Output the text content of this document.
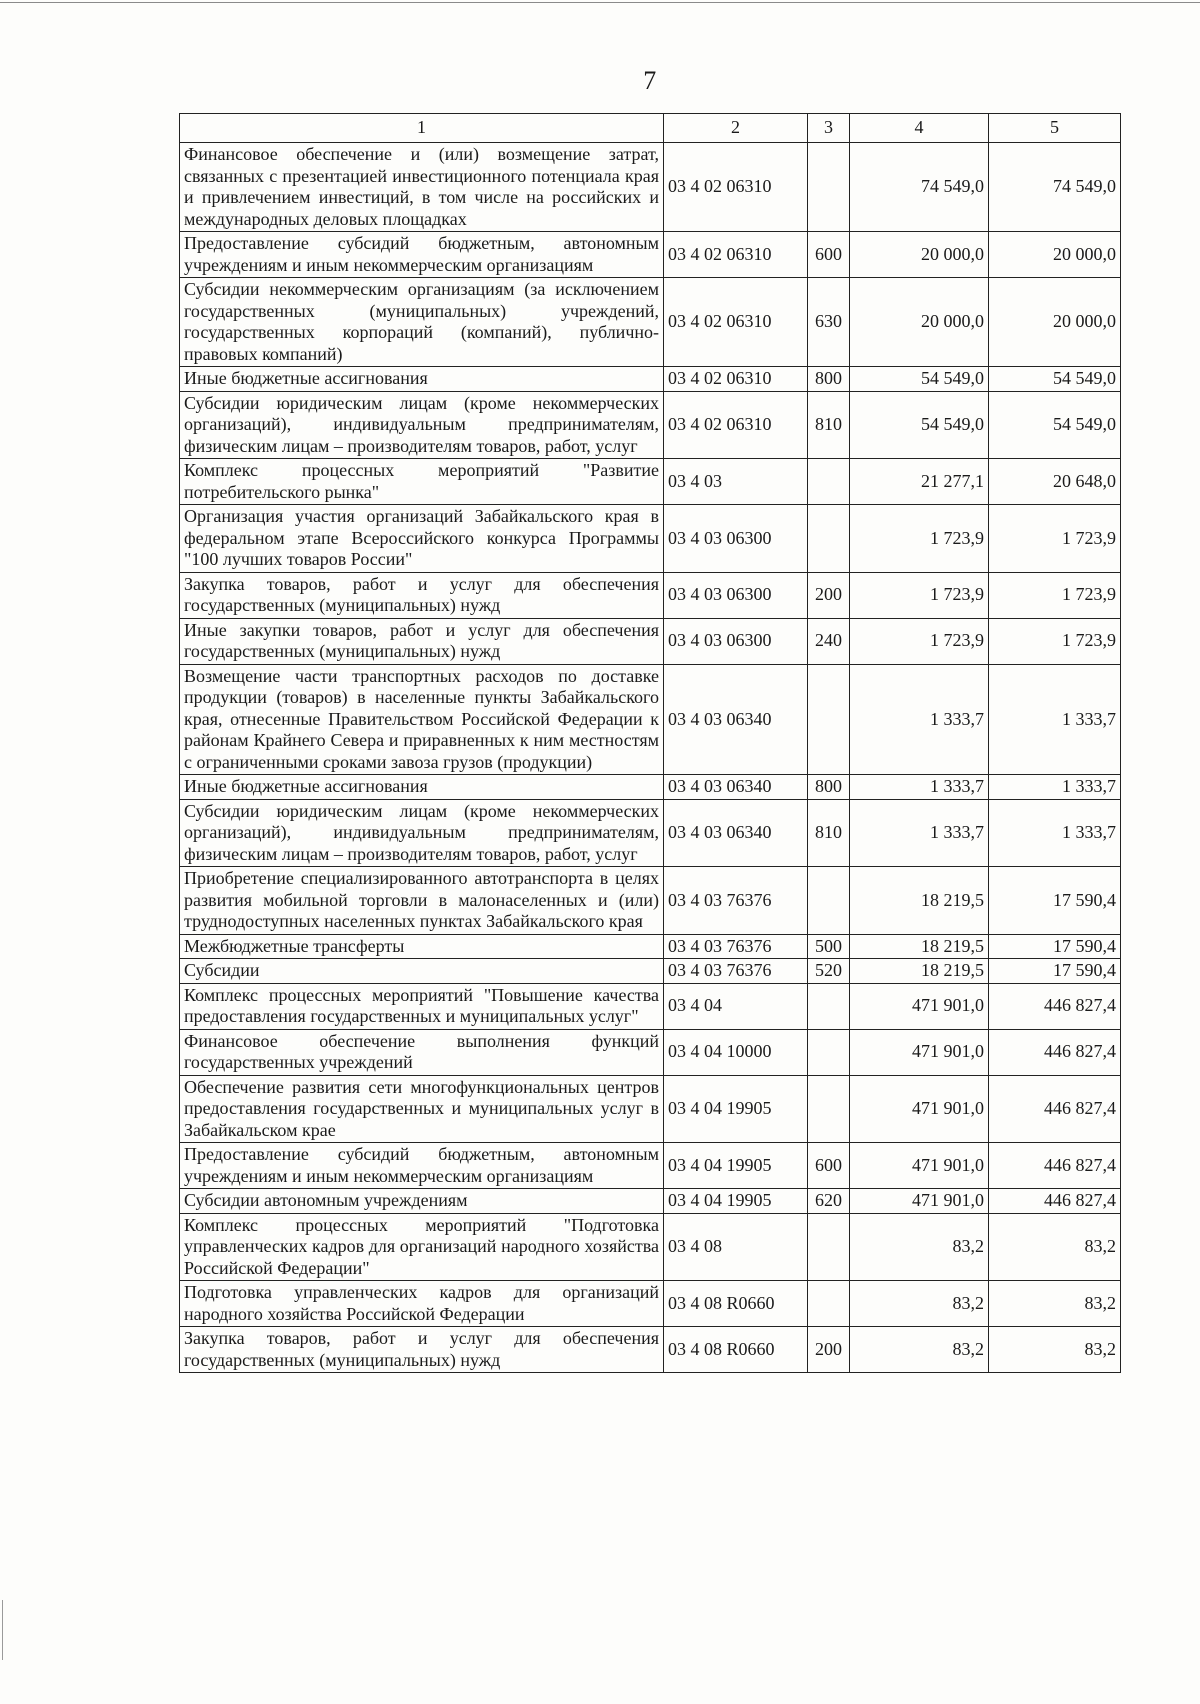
7
1	2	3	4	5
Финансовое обеспечение и (или) возмещение затрат, связанных с презентацией инвестиционного потенциала края и привлечением инвестиций, в том числе на российских и международных деловых площадках	03 4 02 06310		74 549,0	74 549,0
Предоставление субсидий бюджетным, автономным учреждениям и иным некоммерческим организациям	03 4 02 06310	600	20 000,0	20 000,0
Субсидии некоммерческим организациям (за исключением государственных (муниципальных) учреждений, государственных корпораций (компаний), публично-правовых компаний)	03 4 02 06310	630	20 000,0	20 000,0
Иные бюджетные ассигнования	03 4 02 06310	800	54 549,0	54 549,0
Субсидии юридическим лицам (кроме некоммерческих организаций), индивидуальным предпринимателям, физическим лицам – производителям товаров, работ, услуг	03 4 02 06310	810	54 549,0	54 549,0
Комплекс процессных мероприятий "Развитие потребительского рынка"	03 4 03		21 277,1	20 648,0
Организация участия организаций Забайкальского края в федеральном этапе Всероссийского конкурса Программы "100 лучших товаров России"	03 4 03 06300		1 723,9	1 723,9
Закупка товаров, работ и услуг для обеспечения государственных (муниципальных) нужд	03 4 03 06300	200	1 723,9	1 723,9
Иные закупки товаров, работ и услуг для обеспечения государственных (муниципальных) нужд	03 4 03 06300	240	1 723,9	1 723,9
Возмещение части транспортных расходов по доставке продукции (товаров) в населенные пункты Забайкальского края, отнесенные Правительством Российской Федерации к районам Крайнего Севера и приравненных к ним местностям с ограниченными сроками завоза грузов (продукции)	03 4 03 06340		1 333,7	1 333,7
Иные бюджетные ассигнования	03 4 03 06340	800	1 333,7	1 333,7
Субсидии юридическим лицам (кроме некоммерческих организаций), индивидуальным предпринимателям, физическим лицам – производителям товаров, работ, услуг	03 4 03 06340	810	1 333,7	1 333,7
Приобретение специализированного автотранспорта в целях развития мобильной торговли в малонаселенных и (или) труднодоступных населенных пунктах Забайкальского края	03 4 03 76376		18 219,5	17 590,4
Межбюджетные трансферты	03 4 03 76376	500	18 219,5	17 590,4
Субсидии	03 4 03 76376	520	18 219,5	17 590,4
Комплекс процессных мероприятий "Повышение качества предоставления государственных и муниципальных услуг"	03 4 04		471 901,0	446 827,4
Финансовое обеспечение выполнения функций государственных учреждений	03 4 04 10000		471 901,0	446 827,4
Обеспечение развития сети многофункциональных центров предоставления государственных и муниципальных услуг в Забайкальском крае	03 4 04 19905		471 901,0	446 827,4
Предоставление субсидий бюджетным, автономным учреждениям и иным некоммерческим организациям	03 4 04 19905	600	471 901,0	446 827,4
Субсидии автономным учреждениям	03 4 04 19905	620	471 901,0	446 827,4
Комплекс процессных мероприятий "Подготовка управленческих кадров для организаций народного хозяйства Российской Федерации"	03 4 08		83,2	83,2
Подготовка управленческих кадров для организаций народного хозяйства Российской Федерации	03 4 08 R0660		83,2	83,2
Закупка товаров, работ и услуг для обеспечения государственных (муниципальных) нужд	03 4 08 R0660	200	83,2	83,2
